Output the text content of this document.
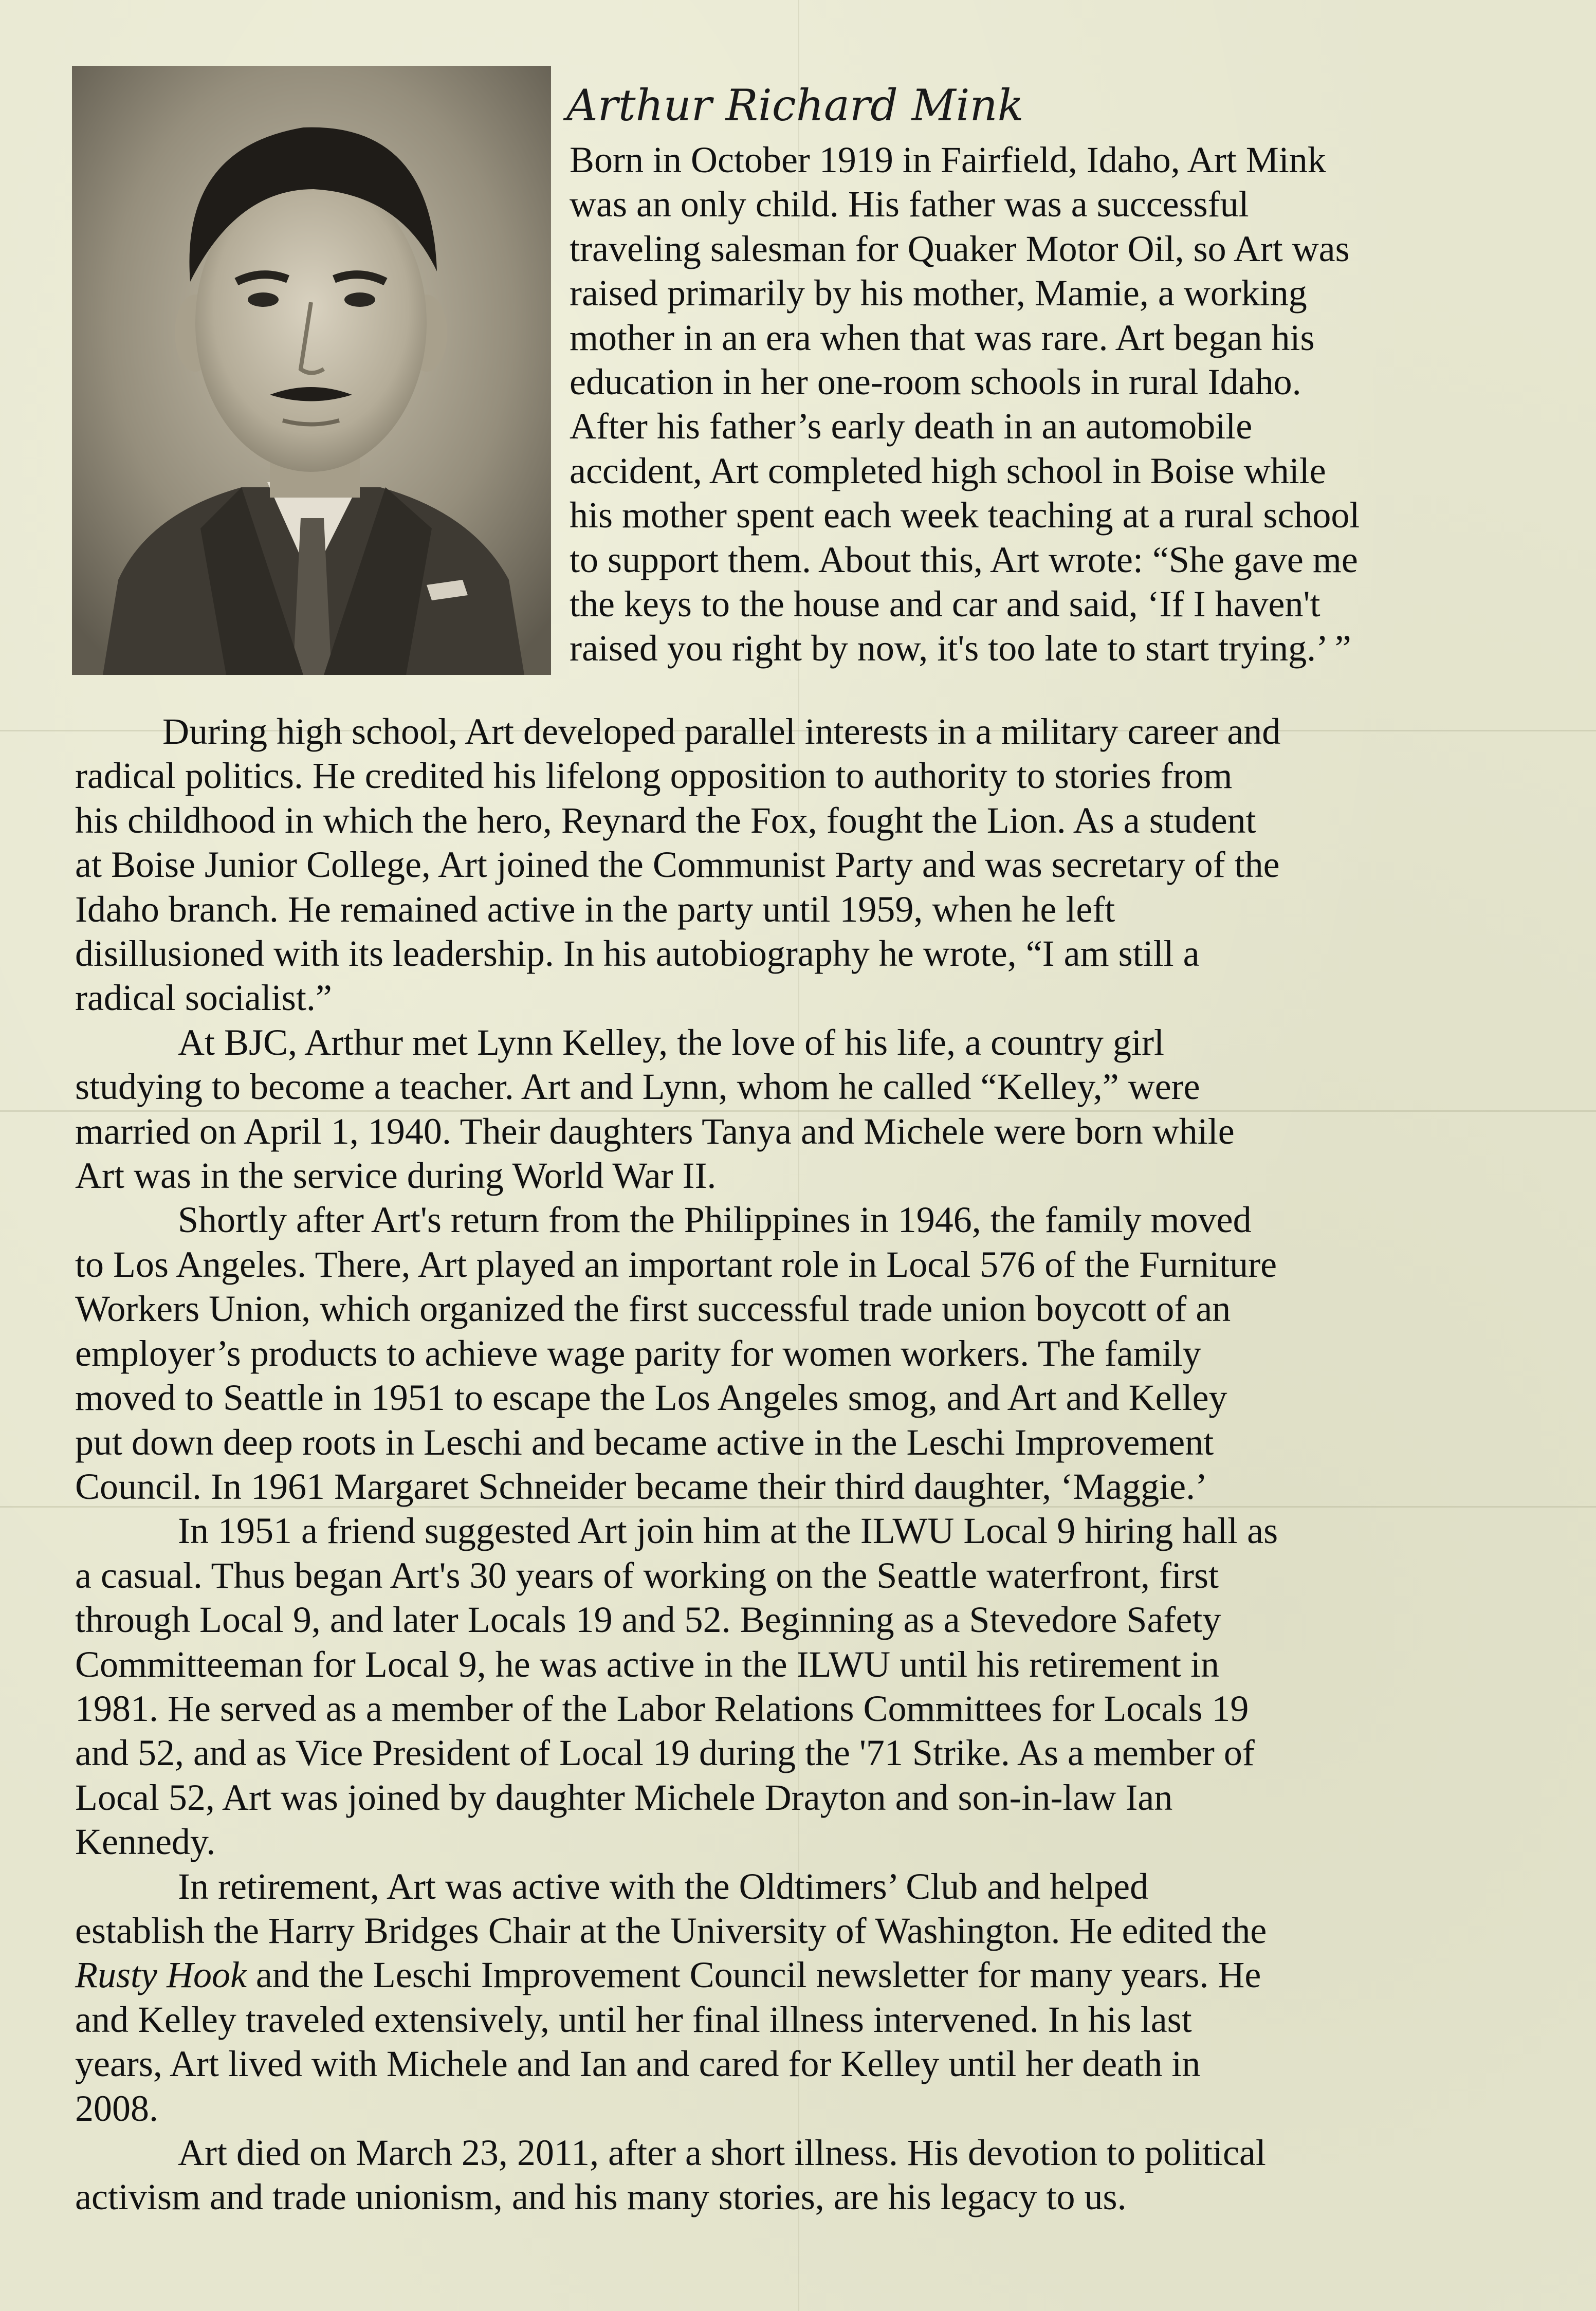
Arthur Richard Mink
Born in October 1919 in Fairfield, Idaho, Art Mink
was an only child. His father was a successful
traveling salesman for Quaker Motor Oil, so Art was
raised primarily by his mother, Mamie, a working
mother in an era when that was rare. Art began his
education in her one-room schools in rural Idaho.
After his father’s early death in an automobile
accident, Art completed high school in Boise while
his mother spent each week teaching at a rural school
to support them. About this, Art wrote: “She gave me
the keys to the house and car and said, ‘If I haven't
raised you right by now, it's too late to start trying.’ ”
During high school, Art developed parallel interests in a military career and
radical politics. He credited his lifelong opposition to authority to stories from
his childhood in which the hero, Reynard the Fox, fought the Lion. As a student
at Boise Junior College, Art joined the Communist Party and was secretary of the
Idaho branch. He remained active in the party until 1959, when he left
disillusioned with its leadership. In his autobiography he wrote, “I am still a
radical socialist.”
At BJC, Arthur met Lynn Kelley, the love of his life, a country girl
studying to become a teacher. Art and Lynn, whom he called “Kelley,” were
married on April 1, 1940. Their daughters Tanya and Michele were born while
Art was in the service during World War II.
Shortly after Art's return from the Philippines in 1946, the family moved
to Los Angeles. There, Art played an important role in Local 576 of the Furniture
Workers Union, which organized the first successful trade union boycott of an
employer’s products to achieve wage parity for women workers. The family
moved to Seattle in 1951 to escape the Los Angeles smog, and Art and Kelley
put down deep roots in Leschi and became active in the Leschi Improvement
Council. In 1961 Margaret Schneider became their third daughter, ‘Maggie.’
In 1951 a friend suggested Art join him at the ILWU Local 9 hiring hall as
a casual. Thus began Art's 30 years of working on the Seattle waterfront, first
through Local 9, and later Locals 19 and 52. Beginning as a Stevedore Safety
Committeeman for Local 9, he was active in the ILWU until his retirement in
1981. He served as a member of the Labor Relations Committees for Locals 19
and 52, and as Vice President of Local 19 during the '71 Strike. As a member of
Local 52, Art was joined by daughter Michele Drayton and son-in-law Ian
Kennedy.
In retirement, Art was active with the Oldtimers’ Club and helped
establish the Harry Bridges Chair at the University of Washington. He edited the
Rusty Hook and the Leschi Improvement Council newsletter for many years. He
and Kelley traveled extensively, until her final illness intervened. In his last
years, Art lived with Michele and Ian and cared for Kelley until her death in
2008.
Art died on March 23, 2011, after a short illness. His devotion to political
activism and trade unionism, and his many stories, are his legacy to us.
